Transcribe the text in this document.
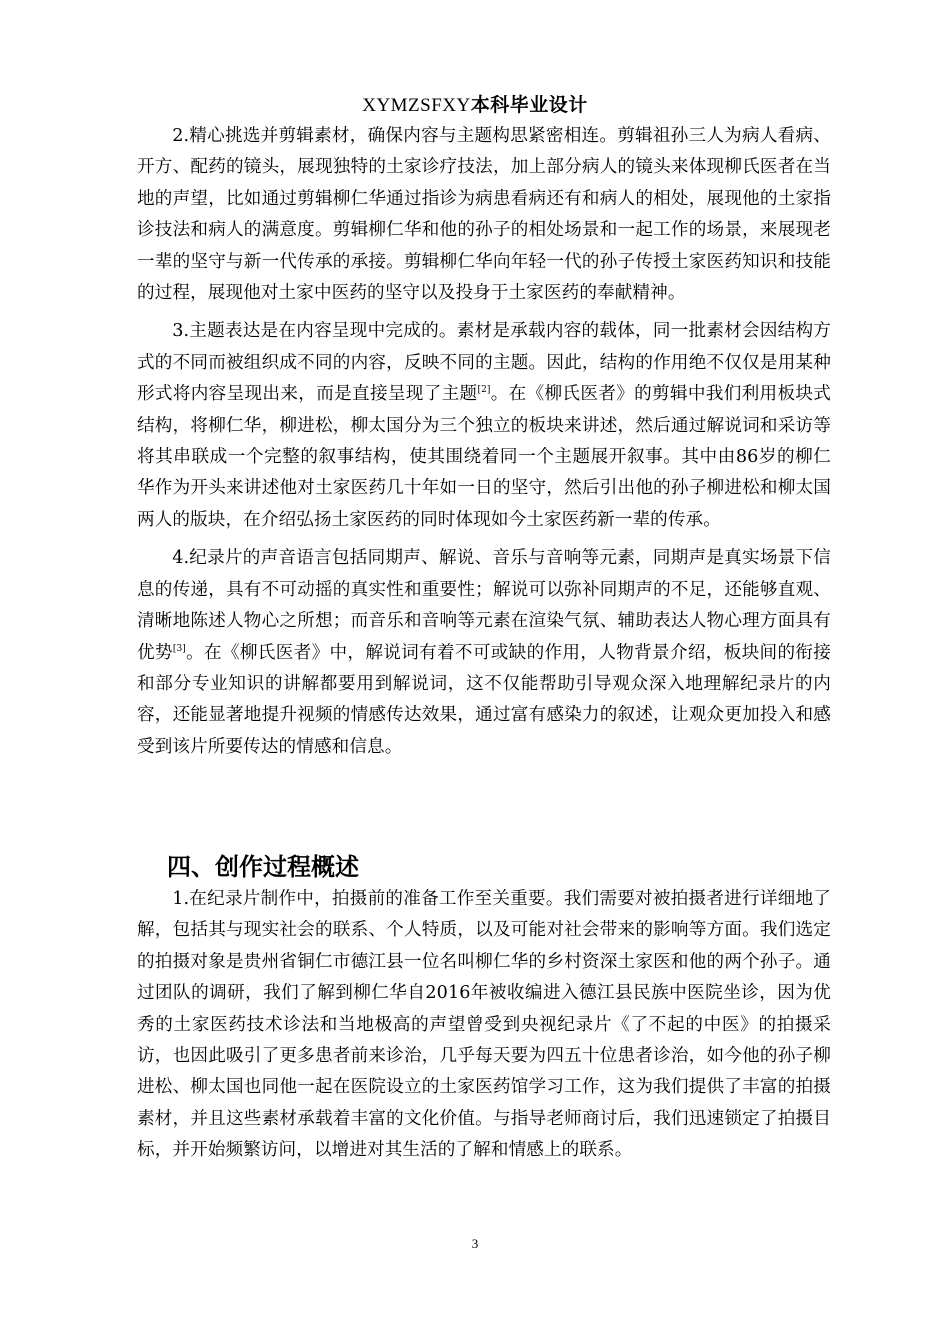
XYMZSFXY本科毕业设计

2.精心挑选并剪辑素材，确保内容与主题构思紧密相连。剪辑祖孙三人为病人看病、开方、配药的镜头，展现独特的土家诊疗技法，加上部分病人的镜头来体现柳氏医者在当地的声望，比如通过剪辑柳仁华通过指诊为病患看病还有和病人的相处，展现他的土家指诊技法和病人的满意度。剪辑柳仁华和他的孙子的相处场景和一起工作的场景，来展现老一辈的坚守与新一代传承的承接。剪辑柳仁华向年轻一代的孙子传授土家医药知识和技能的过程，展现他对土家中医药的坚守以及投身于土家医药的奉献精神。

3.主题表达是在内容呈现中完成的。素材是承载内容的载体，同一批素材会因结构方式的不同而被组织成不同的内容，反映不同的主题。因此，结构的作用绝不仅仅是用某种形式将内容呈现出来，而是直接呈现了主题[2]。在《柳氏医者》的剪辑中我们利用板块式结构，将柳仁华，柳进松，柳太国分为三个独立的板块来讲述，然后通过解说词和采访等将其串联成一个完整的叙事结构，使其围绕着同一个主题展开叙事。其中由86岁的柳仁华作为开头来讲述他对土家医药几十年如一日的坚守，然后引出他的孙子柳进松和柳太国两人的版块，在介绍弘扬土家医药的同时体现如今土家医药新一辈的传承。

4.纪录片的声音语言包括同期声、解说、音乐与音响等元素，同期声是真实场景下信息的传递，具有不可动摇的真实性和重要性；解说可以弥补同期声的不足，还能够直观、清晰地陈述人物心之所想；而音乐和音响等元素在渲染气氛、辅助表达人物心理方面具有优势[3]。在《柳氏医者》中，解说词有着不可或缺的作用，人物背景介绍，板块间的衔接和部分专业知识的讲解都要用到解说词，这不仅能帮助引导观众深入地理解纪录片的内容，还能显著地提升视频的情感传达效果，通过富有感染力的叙述，让观众更加投入和感受到该片所要传达的情感和信息。

四、创作过程概述

1.在纪录片制作中，拍摄前的准备工作至关重要。我们需要对被拍摄者进行详细地了解，包括其与现实社会的联系、个人特质，以及可能对社会带来的影响等方面。我们选定的拍摄对象是贵州省铜仁市德江县一位名叫柳仁华的乡村资深土家医和他的两个孙子。通过团队的调研，我们了解到柳仁华自2016年被收编进入德江县民族中医院坐诊，因为优秀的土家医药技术诊法和当地极高的声望曾受到央视纪录片《了不起的中医》的拍摄采访，也因此吸引了更多患者前来诊治，几乎每天要为四五十位患者诊治，如今他的孙子柳进松、柳太国也同他一起在医院设立的土家医药馆学习工作，这为我们提供了丰富的拍摄素材，并且这些素材承载着丰富的文化价值。与指导老师商讨后，我们迅速锁定了拍摄目标，并开始频繁访问，以增进对其生活的了解和情感上的联系。

3
